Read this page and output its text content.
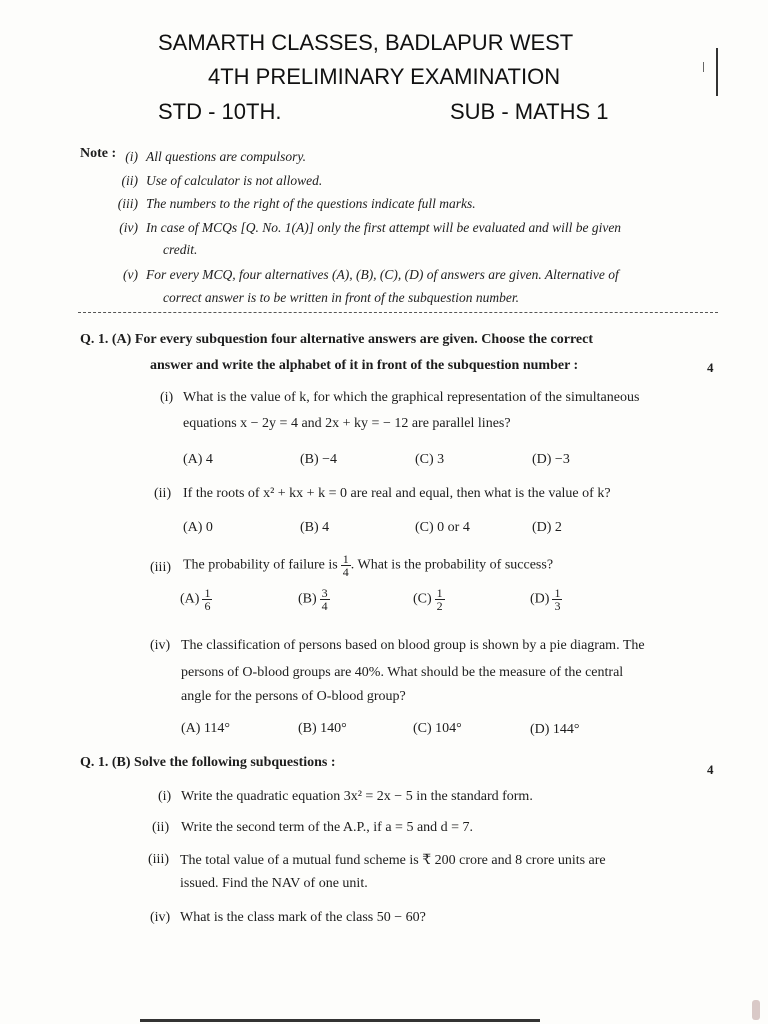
SAMARTH CLASSES, BADLAPUR WEST
4TH PRELIMINARY EXAMINATION
STD - 10TH.	SUB - MATHS 1
Note : (i) All questions are compulsory.
(ii) Use of calculator is not allowed.
(iii) The numbers to the right of the questions indicate full marks.
(iv) In case of MCQs [Q. No. 1(A)] only the first attempt will be evaluated and will be given
credit.
(v) For every MCQ, four alternatives (A), (B), (C), (D) of answers are given. Alternative of
correct answer is to be written in front of the subquestion number.
Q. 1. (A) For every subquestion four alternative answers are given. Choose the correct
answer and write the alphabet of it in front of the subquestion number :	4
(i) What is the value of k, for which the graphical representation of the simultaneous
equations x − 2y = 4 and 2x + ky = − 12 are parallel lines?
(A) 4	(B) −4	(C) 3	(D) −3
(ii) If the roots of x² + kx + k = 0 are real and equal, then what is the value of k?
(A) 0	(B) 4	(C) 0 or 4	(D) 2
(iii) The probability of failure is $\frac{1}{4}$ . What is the probability of success?
$(A) \frac{1}{6}$	$(B) \frac{3}{4}$	$(C) \frac{1}{2}$	$(D) \frac{1}{3}$
(iv) The classification of persons based on blood group is shown by a pie diagram. The
persons of O-blood groups are 40%. What should be the measure of the central
angle for the persons of O-blood group?
(A) 114°	(B) 140°	(C) 104°	(D) 144°
Q. 1. (B) Solve the following subquestions :	4
(i) Write the quadratic equation 3x² = 2x − 5 in the standard form.
(ii) Write the second term of the A.P., if a = 5 and d = 7.
(iii) The total value of a mutual fund scheme is ₹ 200 crore and 8 crore units are
issued. Find the NAV of one unit.
(iv) What is the class mark of the class 50 − 60?
